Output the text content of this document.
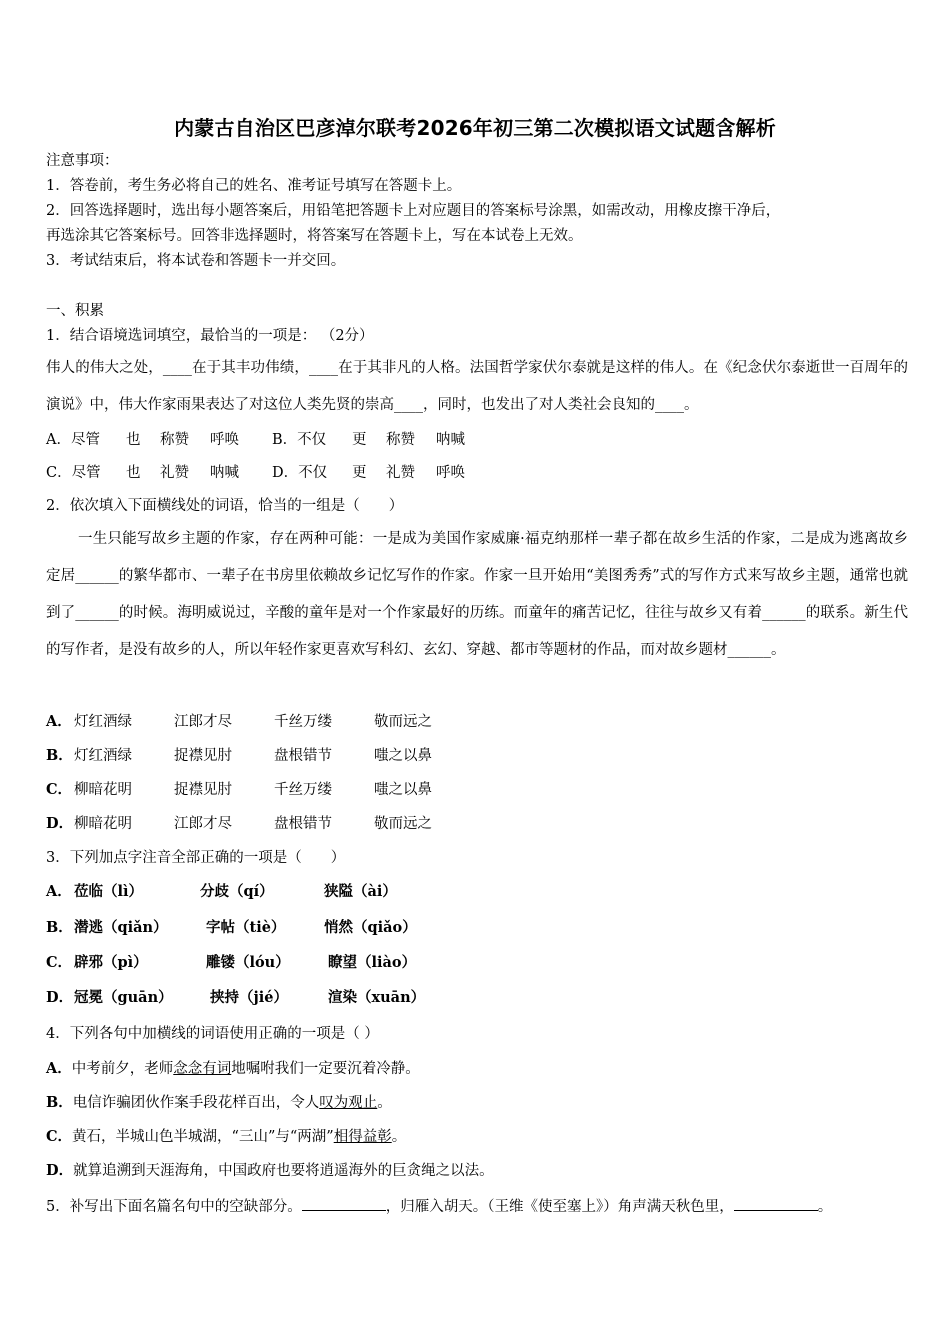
内蒙古自治区巴彦淖尔联考2026年初三第二次模拟语文试题含解析
注意事项：
1．答卷前，考生务必将自己的姓名、准考证号填写在答题卡上。
2．回答选择题时，选出每小题答案后，用铅笔把答题卡上对应题目的答案标号涂黑，如需改动，用橡皮擦干净后，
再选涂其它答案标号。回答非选择题时，将答案写在答题卡上，写在本试卷上无效。
3．考试结束后，将本试卷和答题卡一并交回。
一、积累
1．结合语境选词填空，最恰当的一项是： （2分）
伟人的伟大之处，____在于其丰功伟绩，____在于其非凡的人格。法国哲学家伏尔泰就是这样的伟人。在《纪念伏尔泰逝世一百周年的演说》中，伟大作家雨果表达了对这位人类先贤的崇高____，同时，也发出了对人类社会良知的____。
A．尽管 也 称赞 呼唤 B．不仅 更 称赞 呐喊
C．尽管 也 礼赞 呐喊 D．不仅 更 礼赞 呼唤
2．依次填入下面横线处的词语，恰当的一组是（　　）
一生只能写故乡主题的作家，存在两种可能：一是成为美国作家威廉·福克纳那样一辈子都在故乡生活的作家，二是成为逃离故乡定居______的繁华都市、一辈子在书房里依赖故乡记忆写作的作家。作家一旦开始用“美图秀秀”式的写作方式来写故乡主题，通常也就到了______的时候。海明威说过，辛酸的童年是对一个作家最好的历练。而童年的痛苦记忆，往往与故乡又有着______的联系。新生代的写作者，是没有故乡的人，所以年轻作家更喜欢写科幻、玄幻、穿越、都市等题材的作品，而对故乡题材______。
A． 灯红酒绿	江郎才尽	千丝万缕	敬而远之
B．灯红酒绿	捉襟见肘	盘根错节	嗤之以鼻
C． 柳暗花明	捉襟见肘	千丝万缕	嗤之以鼻
D．柳暗花明	江郎才尽	盘根错节	敬而远之
3．下列加点字注音全部正确的一项是（　　）
A． 莅临（lì）	分歧（qí）	狭隘（ài）
B．潜逃（qiǎn）	字帖（tiè）	悄然（qiǎo）
C． 辟邪（pì）	雕镂（lóu）	瞭望（liào）
D．冠冕（guān）	挟持（jié）	渲染（xuān）
4．下列各句中加横线的词语使用正确的一项是（ ）
A．中考前夕，老师念念有词地嘱咐我们一定要沉着冷静。
B．电信诈骗团伙作案手段花样百出，令人叹为观止。
C．黄石，半城山色半城湖，“三山”与“两湖”相得益彰。
D．就算追溯到天涯海角，中国政府也要将逍遥海外的巨贪绳之以法。
5．补写出下面名篇名句中的空缺部分。	，归雁入胡天。（王维《使至塞上》）角声满天秋色里，	。
